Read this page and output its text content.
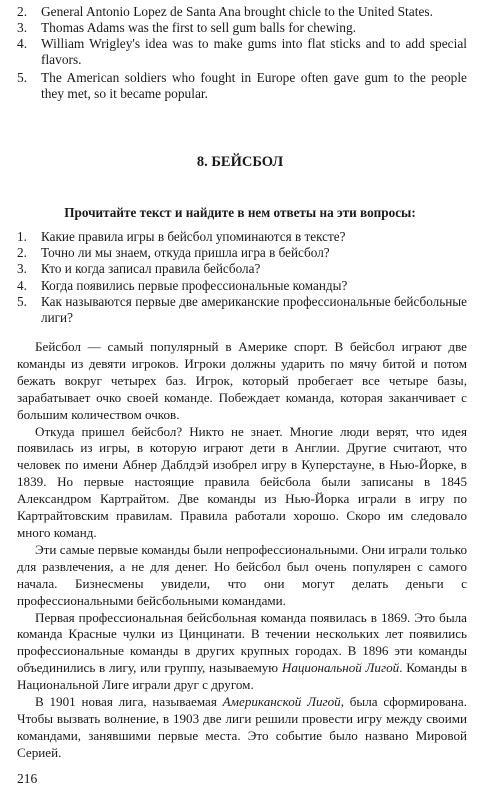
2.	General Antonio Lopez de Santa Ana brought chicle to the United States.
3.	Thomas Adams was the first to sell gum balls for chewing.
4.	William Wrigley's idea was to make gums into flat sticks and to add special flavors.
5.	The American soldiers who fought in Europe often gave gum to the people they met, so it became popular.
8. БЕЙСБОЛ
Прочитайте текст и найдите в нем ответы на эти вопросы:
1.	Какие правила игры в бейсбол упоминаются в тексте?
2.	Точно ли мы знаем, откуда пришла игра в бейсбол?
3.	Кто и когда записал правила бейсбола?
4.	Когда появились первые профессиональные команды?
5.	Как называются первые две американские профессиональные бейсбольные лиги?

Бейсбол — самый популярный в Америке спорт. В бейсбол играют две команды из девяти игроков. Игроки должны ударить по мячу битой и потом бежать вокруг четырех баз. Игрок, который пробегает все четыре базы, зарабатывает очко своей команде. Побеждает команда, которая заканчивает с большим количеством очков.

Откуда пришел бейсбол? Никто не знает. Многие люди верят, что идея появилась из игры, в которую играют дети в Англии. Другие считают, что человек по имени Абнер Даблдэй изобрел игру в Куперстауне, в Нью-Йорке, в 1839. Но первые настоящие правила бейсбола были записаны в 1845 Александром Картрайтом. Две команды из Нью-Йорка играли в игру по Картрайтовским правилам. Правила работали хорошо. Скоро им следовало много команд.

Эти самые первые команды были непрофессиональными. Они играли только для развлечения, а не для денег. Но бейсбол был очень популярен с самого начала. Бизнесмены увидели, что они могут делать деньги с профессиональными бейсбольными командами.

Первая профессиональная бейсбольная команда появилась в 1869. Это была команда Красные чулки из Цинцинати. В течении нескольких лет появились профессиональные команды в других крупных городах. В 1896 эти команды объединились в лигу, или группу, называемую Национальной Лигой. Команды в Национальной Лиге играли друг с другом.

В 1901 новая лига, называемая Американской Лигой, была сформирована. Чтобы вызвать волнение, в 1903 две лиги решили провести игру между своими командами, занявшими первые места. Это событие было названо Мировой Серией.

216
